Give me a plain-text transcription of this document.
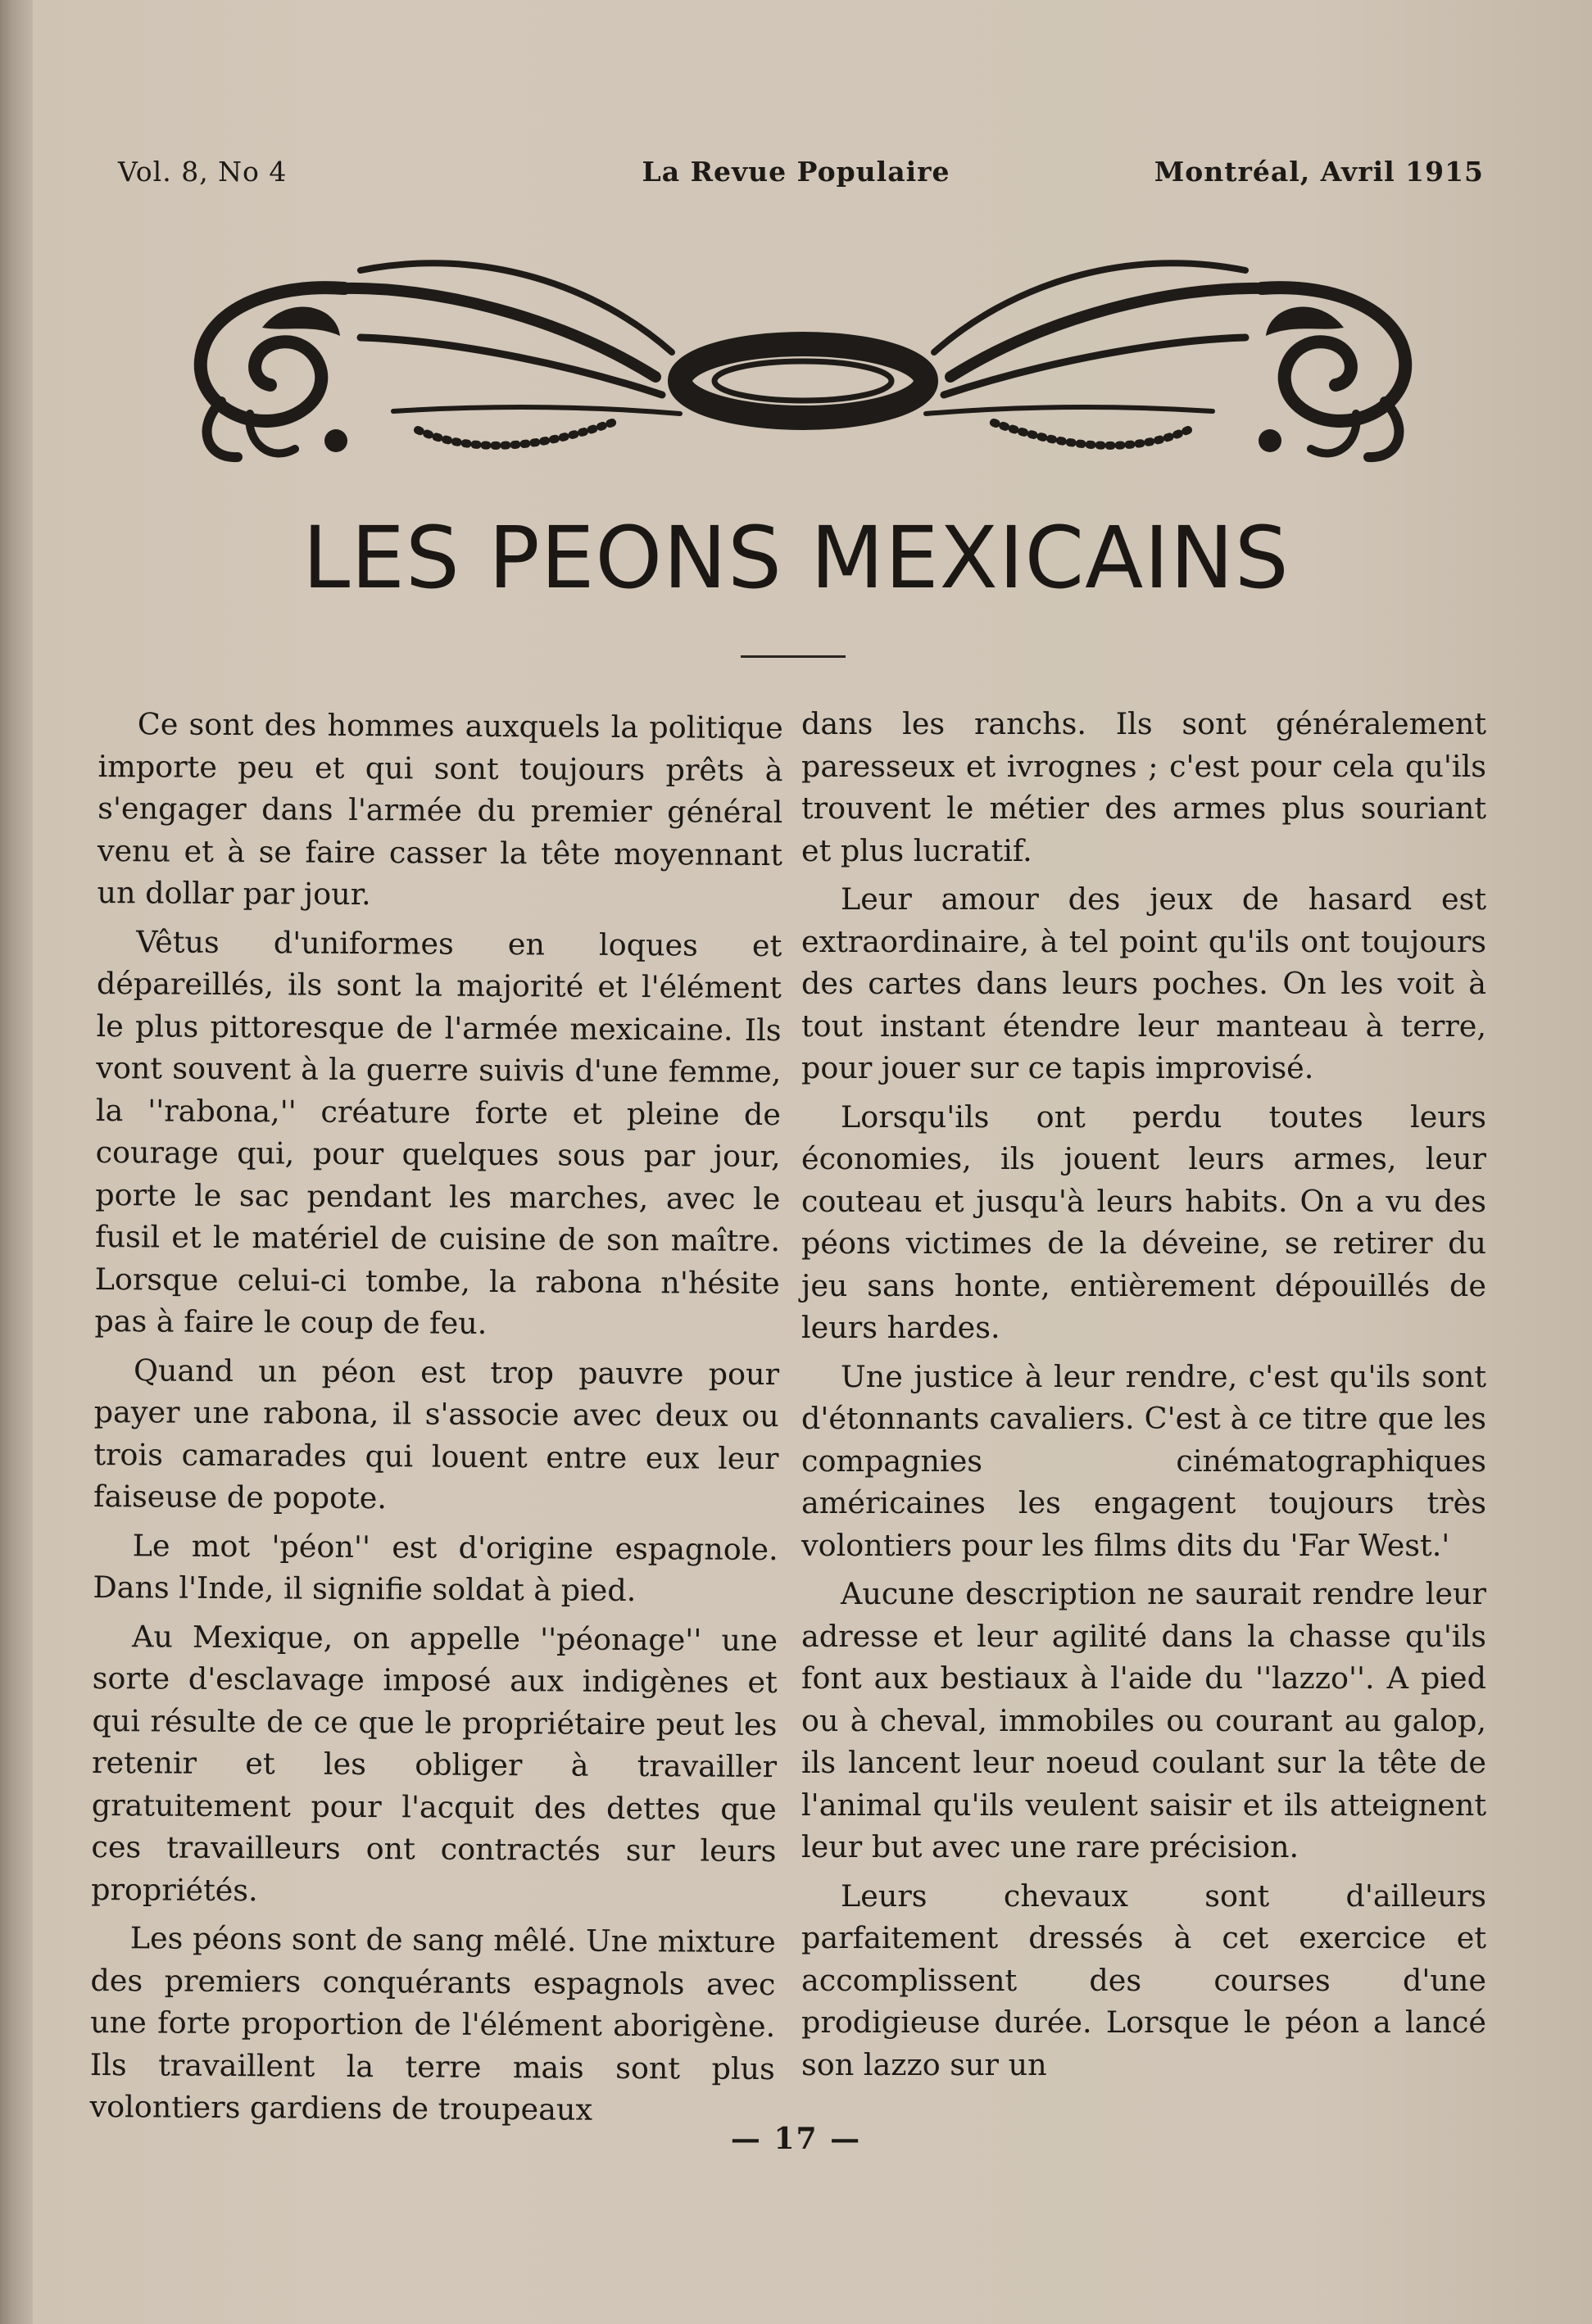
Vol. 8, No 4	La Revue Populaire	Montréal, Avril 1915
LES PEONS MEXICAINS

Ce sont des hommes auxquels la politique importe peu et qui sont toujours prêts à s'engager dans l'armée du premier général venu et à se faire casser la tête moyennant un dollar par jour.

Vêtus d'uniformes en loques et dépareillés, ils sont la majorité et l'élément le plus pittoresque de l'armée mexicaine. Ils vont souvent à la guerre suivis d'une femme, la ''rabona,'' créature forte et pleine de courage qui, pour quelques sous par jour, porte le sac pendant les marches, avec le fusil et le matériel de cuisine de son maître. Lorsque celui-ci tombe, la rabona n'hésite pas à faire le coup de feu.

Quand un péon est trop pauvre pour payer une rabona, il s'associe avec deux ou trois camarades qui louent entre eux leur faiseuse de popote.

Le mot 'péon'' est d'origine espagnole. Dans l'Inde, il signifie soldat à pied.

Au Mexique, on appelle ''péonage'' une sorte d'esclavage imposé aux indigènes et qui résulte de ce que le propriétaire peut les retenir et les obliger à travailler gratuitement pour l'acquit des dettes que ces travailleurs ont contractés sur leurs propriétés.

Les péons sont de sang mêlé. Une mixture des premiers conquérants espagnols avec une forte proportion de l'élément aborigène. Ils travaillent la terre mais sont plus volontiers gardiens de troupeaux

dans les ranchs. Ils sont généralement paresseux et ivrognes ; c'est pour cela qu'ils trouvent le métier des armes plus souriant et plus lucratif.

Leur amour des jeux de hasard est extraordinaire, à tel point qu'ils ont toujours des cartes dans leurs poches. On les voit à tout instant étendre leur manteau à terre, pour jouer sur ce tapis improvisé.

Lorsqu'ils ont perdu toutes leurs économies, ils jouent leurs armes, leur couteau et jusqu'à leurs habits. On a vu des péons victimes de la déveine, se retirer du jeu sans honte, entièrement dépouillés de leurs hardes.

Une justice à leur rendre, c'est qu'ils sont d'étonnants cavaliers. C'est à ce titre que les compagnies cinématographiques américaines les engagent toujours très volontiers pour les films dits du 'Far West.'

Aucune description ne saurait rendre leur adresse et leur agilité dans la chasse qu'ils font aux bestiaux à l'aide du ''lazzo''. A pied ou à cheval, immobiles ou courant au galop, ils lancent leur noeud coulant sur la tête de l'animal qu'ils veulent saisir et ils atteignent leur but avec une rare précision.

Leurs chevaux sont d'ailleurs parfaitement dressés à cet exercice et accomplissent des courses d'une prodigieuse durée. Lorsque le péon a lancé son lazzo sur un

— 17 —
